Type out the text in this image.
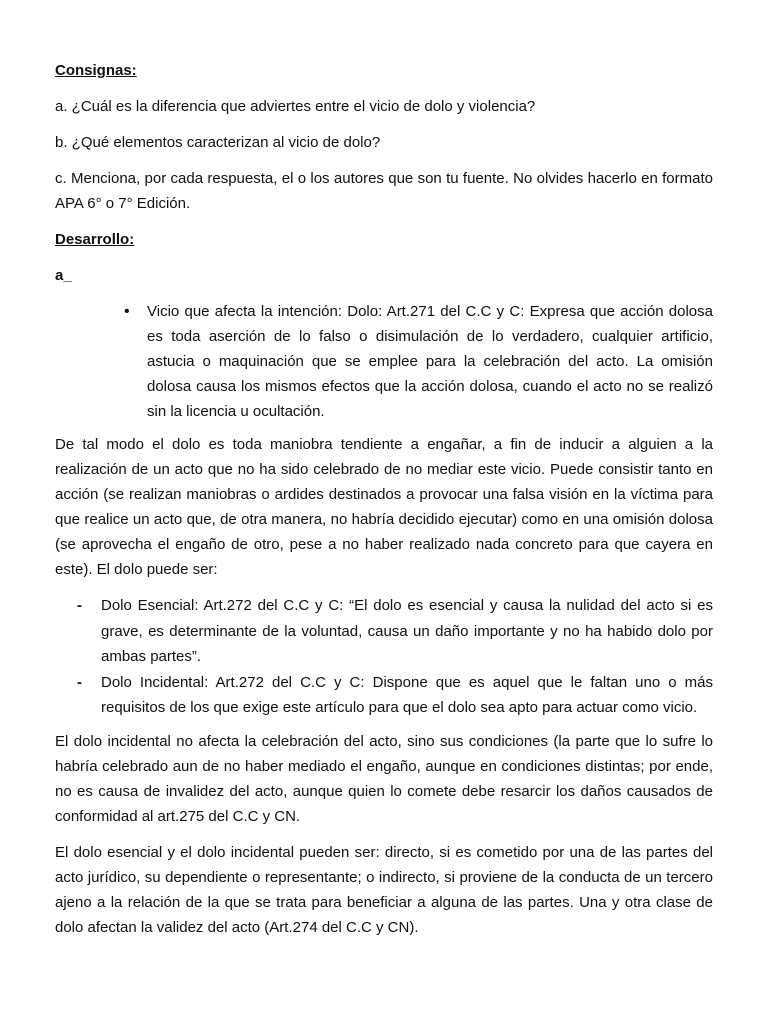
Consignas:
a. ¿Cuál es la diferencia que adviertes entre el vicio de dolo y violencia?
b. ¿Qué elementos caracterizan al vicio de dolo?
c. Menciona, por cada respuesta, el o los autores que son tu fuente. No olvides hacerlo en formato APA 6° o 7° Edición.
Desarrollo:
a_
• Vicio que afecta la intención: Dolo: Art.271 del C.C y C: Expresa que acción dolosa es toda aserción de lo falso o disimulación de lo verdadero, cualquier artificio, astucia o maquinación que se emplee para la celebración del acto. La omisión dolosa causa los mismos efectos que la acción dolosa, cuando el acto no se realizó sin la licencia u ocultación.
De tal modo el dolo es toda maniobra tendiente a engañar, a fin de inducir a alguien a la realización de un acto que no ha sido celebrado de no mediar este vicio. Puede consistir tanto en acción (se realizan maniobras o ardides destinados a provocar una falsa visión en la víctima para que realice un acto que, de otra manera, no habría decidido ejecutar) como en una omisión dolosa (se aprovecha el engaño de otro, pese a no haber realizado nada concreto para que cayera en este). El dolo puede ser:
- Dolo Esencial: Art.272 del C.C y C: “El dolo es esencial y causa la nulidad del acto si es grave, es determinante de la voluntad, causa un daño importante y no ha habido dolo por ambas partes”.
- Dolo Incidental: Art.272 del C.C y C: Dispone que es aquel que le faltan uno o más requisitos de los que exige este artículo para que el dolo sea apto para actuar como vicio.
El dolo incidental no afecta la celebración del acto, sino sus condiciones (la parte que lo sufre lo habría celebrado aun de no haber mediado el engaño, aunque en condiciones distintas; por ende, no es causa de invalidez del acto, aunque quien lo comete debe resarcir los daños causados de conformidad al art.275 del C.C y CN.
El dolo esencial y el dolo incidental pueden ser: directo, si es cometido por una de las partes del acto jurídico, su dependiente o representante; o indirecto, si proviene de la conducta de un tercero ajeno a la relación de la que se trata para beneficiar a alguna de las partes. Una y otra clase de dolo afectan la validez del acto (Art.274 del C.C y CN).
